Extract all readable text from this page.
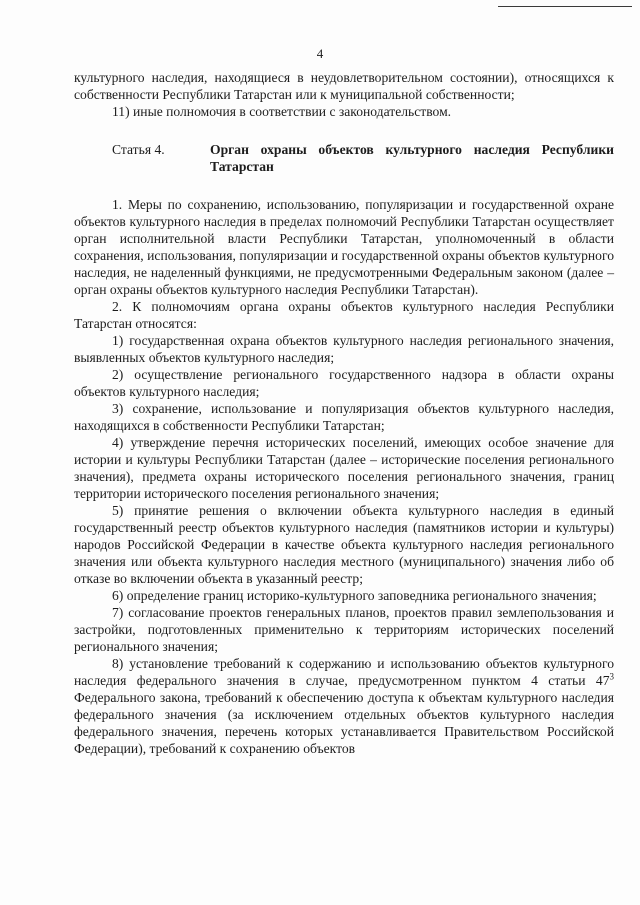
4

культурного наследия, находящиеся в неудовлетворительном состоянии), относящихся к собственности Республики Татарстан или к муниципальной собственности;

11) иные полномочия в соответствии с законодательством.

Статья 4.	Орган охраны объектов культурного наследия Республики Татарстан

1. Меры по сохранению, использованию, популяризации и государственной охране объектов культурного наследия в пределах полномочий Республики Татарстан осуществляет орган исполнительной власти Республики Татарстан, уполномоченный в области сохранения, использования, популяризации и государственной охраны объектов культурного наследия, не наделенный функциями, не предусмотренными Федеральным законом (далее – орган охраны объектов культурного наследия Республики Татарстан).

2. К полномочиям органа охраны объектов культурного наследия Республики Татарстан относятся:

1) государственная охрана объектов культурного наследия регионального значения, выявленных объектов культурного наследия;

2) осуществление регионального государственного надзора в области охраны объектов культурного наследия;

3) сохранение, использование и популяризация объектов культурного наследия, находящихся в собственности Республики Татарстан;

4) утверждение перечня исторических поселений, имеющих особое значение для истории и культуры Республики Татарстан (далее – исторические поселения регионального значения), предмета охраны исторического поселения регионального значения, границ территории исторического поселения регионального значения;

5) принятие решения о включении объекта культурного наследия в единый государственный реестр объектов культурного наследия (памятников истории и культуры) народов Российской Федерации в качестве объекта культурного наследия регионального значения или объекта культурного наследия местного (муниципального) значения либо об отказе во включении объекта в указанный реестр;

6) определение границ историко-культурного заповедника регионального значения;

7) согласование проектов генеральных планов, проектов правил землепользования и застройки, подготовленных применительно к территориям исторических поселений регионального значения;

8) установление требований к содержанию и использованию объектов культурного наследия федерального значения в случае, предусмотренном пунктом 4 статьи $47^3$ Федерального закона, требований к обеспечению доступа к объектам культурного наследия федерального значения (за исключением отдельных объектов культурного наследия федерального значения, перечень которых устанавливается Правительством Российской Федерации), требований к сохранению объектов
